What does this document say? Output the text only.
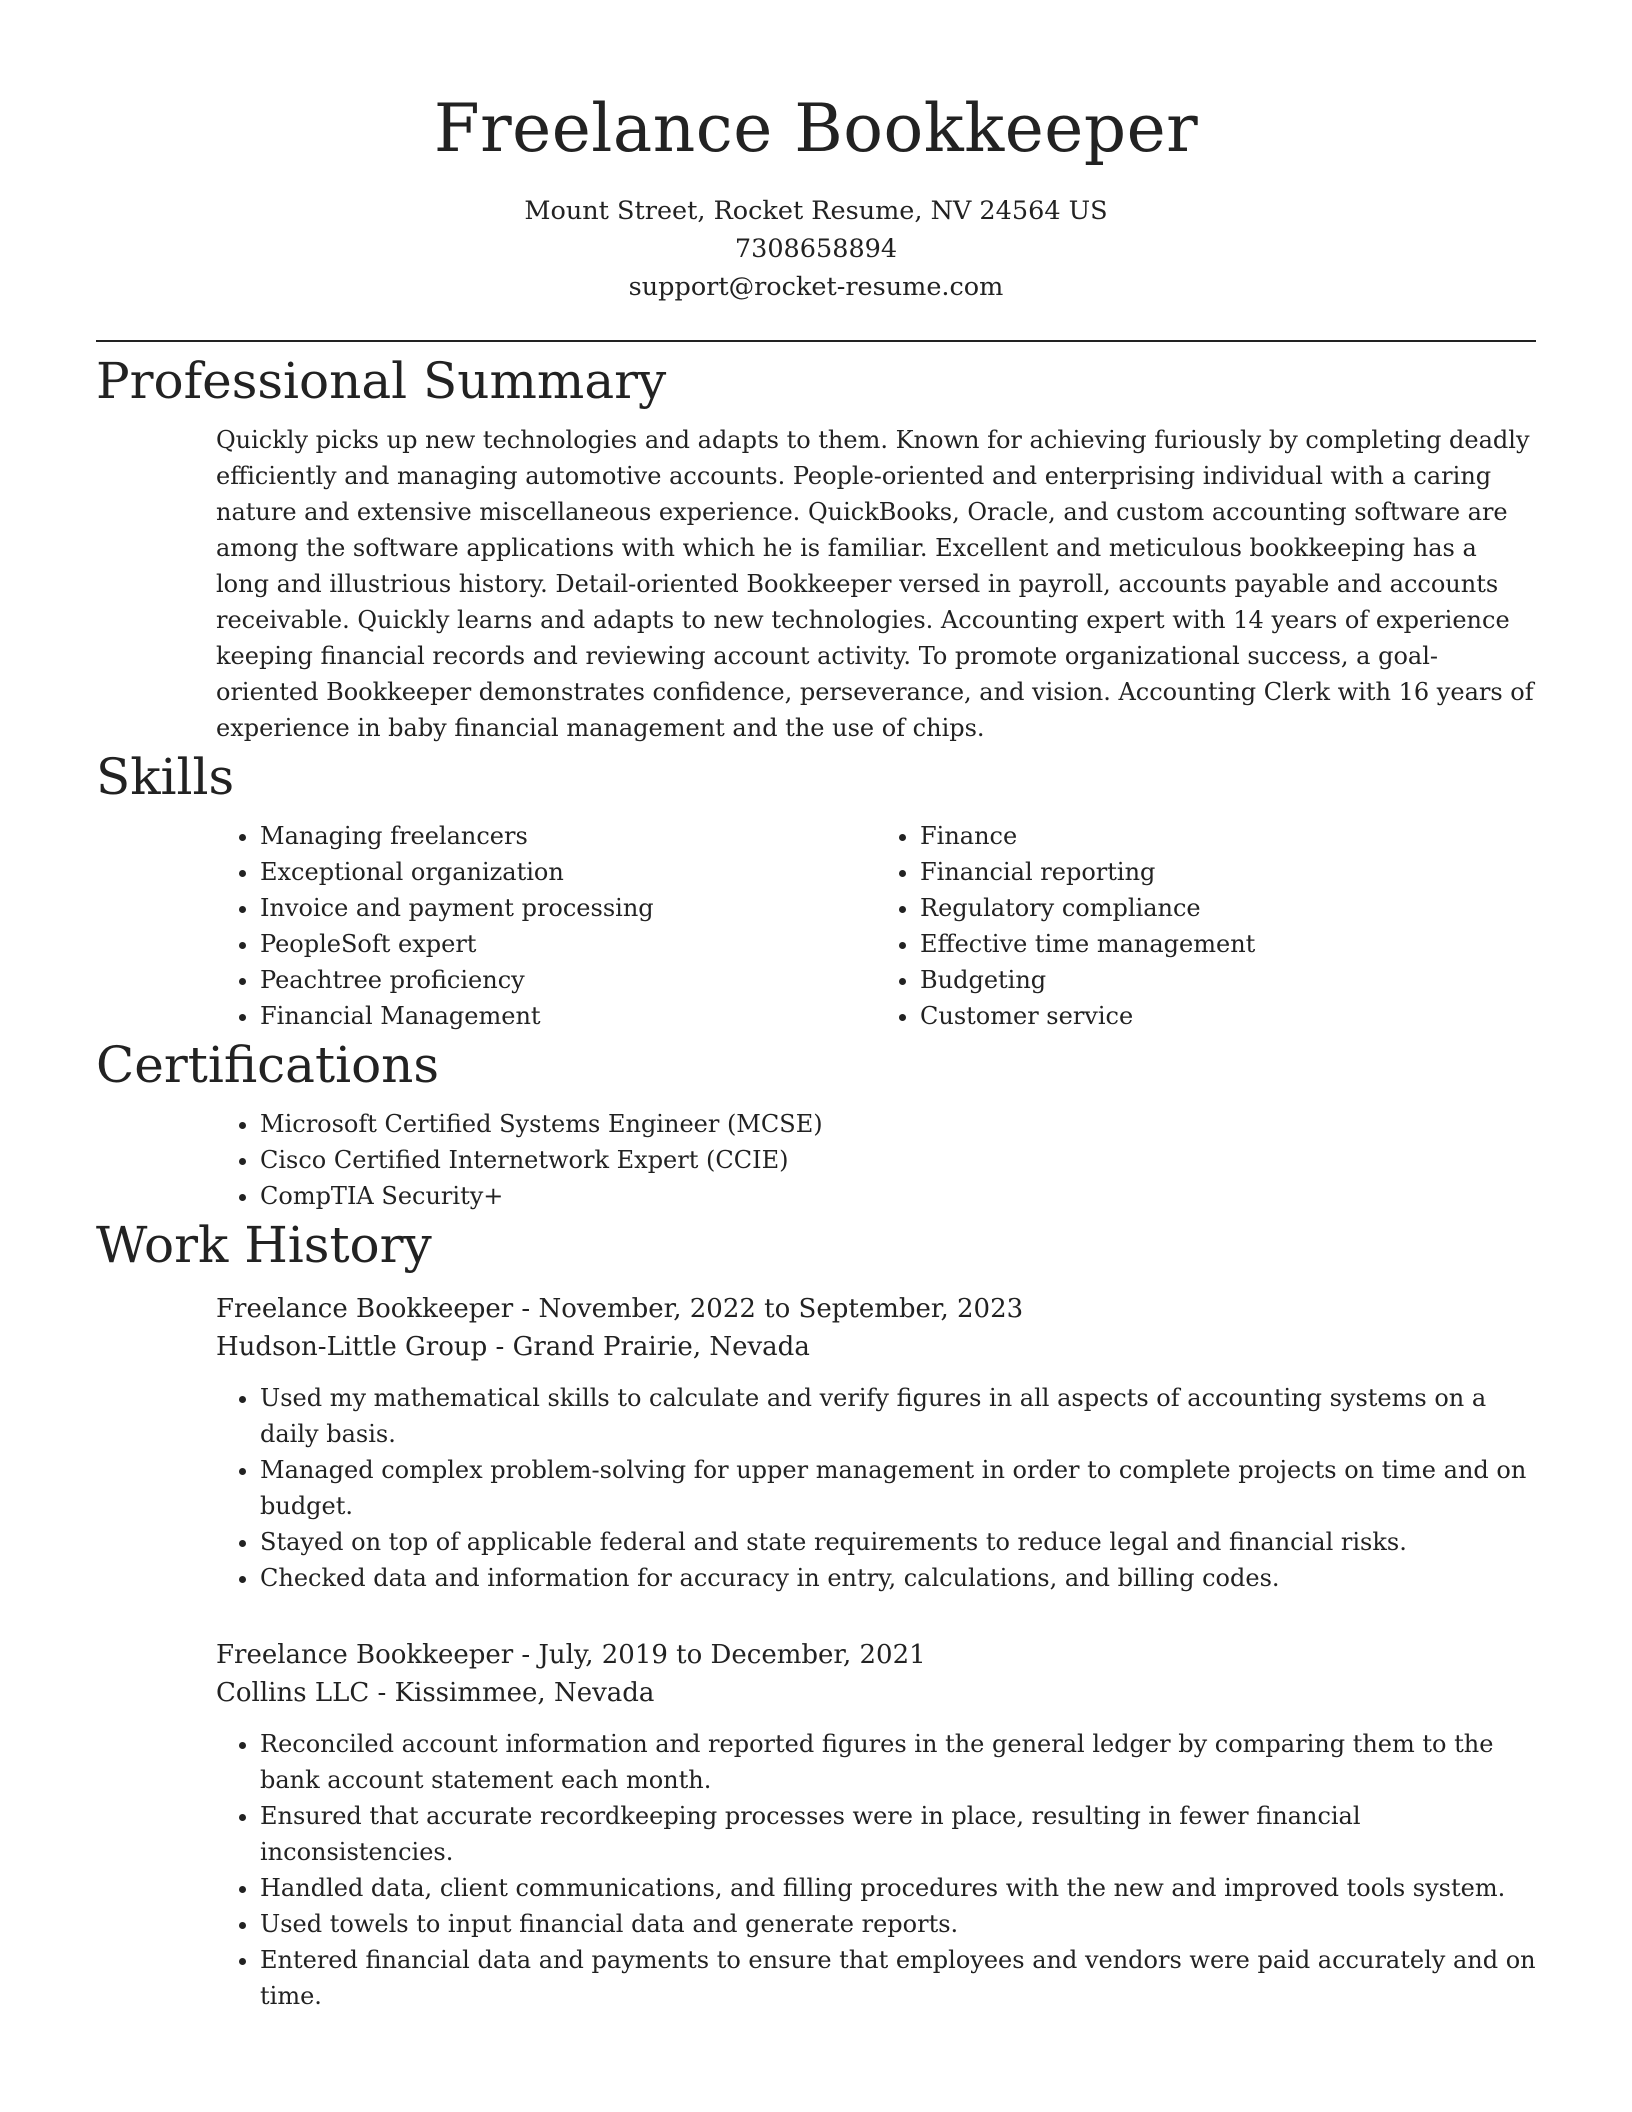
Freelance Bookkeeper
Mount Street, Rocket Resume, NV 24564 US
7308658894
support@rocket-resume.com
Professional Summary
Quickly picks up new technologies and adapts to them. Known for achieving furiously by completing deadly efficiently and managing automotive accounts. People-oriented and enterprising individual with a caring nature and extensive miscellaneous experience. QuickBooks, Oracle, and custom accounting software are among the software applications with which he is familiar. Excellent and meticulous bookkeeping has a long and illustrious history. Detail-oriented Bookkeeper versed in payroll, accounts payable and accounts receivable. Quickly learns and adapts to new technologies. Accounting expert with 14 years of experience keeping financial records and reviewing account activity. To promote organizational success, a goal-oriented Bookkeeper demonstrates confidence, perseverance, and vision. Accounting Clerk with 16 years of experience in baby financial management and the use of chips.
Skills
• Managing freelancers
• Exceptional organization
• Invoice and payment processing
• PeopleSoft expert
• Peachtree proficiency
• Financial Management
• Finance
• Financial reporting
• Regulatory compliance
• Effective time management
• Budgeting
• Customer service
Certifications
• Microsoft Certified Systems Engineer (MCSE)
• Cisco Certified Internetwork Expert (CCIE)
• CompTIA Security+
Work History
Freelance Bookkeeper - November, 2022 to September, 2023
Hudson-Little Group - Grand Prairie, Nevada
• Used my mathematical skills to calculate and verify figures in all aspects of accounting systems on a daily basis.
• Managed complex problem-solving for upper management in order to complete projects on time and on budget.
• Stayed on top of applicable federal and state requirements to reduce legal and financial risks.
• Checked data and information for accuracy in entry, calculations, and billing codes.
Freelance Bookkeeper - July, 2019 to December, 2021
Collins LLC - Kissimmee, Nevada
• Reconciled account information and reported figures in the general ledger by comparing them to the bank account statement each month.
• Ensured that accurate recordkeeping processes were in place, resulting in fewer financial inconsistencies.
• Handled data, client communications, and filling procedures with the new and improved tools system.
• Used towels to input financial data and generate reports.
• Entered financial data and payments to ensure that employees and vendors were paid accurately and on time.
